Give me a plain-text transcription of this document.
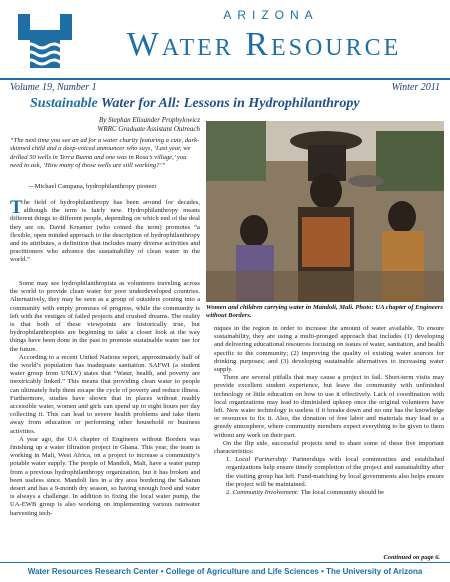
ARIZONA
Water Resource
Volume 19, Number 1	Winter 2011
Sustainable Water for All: Lessons in Hydrophilanthropy
By Stephan Elixander Prophylowicz
WRRC Graduate Assistant Outreach
“The next time you see an ad for a water charity featuring a cute, dark-skinned child and a deep-voiced announcer who says, ‘Last year, we drilled 50 wells in Terra Buena and one was in Rosa’s village,’ you need to ask, ‘How many of those wells are still working?’”
—Michael Campana, hydrophilanthropy pioneer
Women and children carrying water in Mandoli, Mali. Photo: UA chapter of Engineers without Borders.

The field of hydrophilanthropy has been around for decades, although the term is fairly new. Hydrophilanthropy means different things to different people, depending on which end of the deal they are on. David Kreamer (who coined the term) promotes “a flexible, open minded approach to the description of hydrophilanthropy and its attributes, a definition that includes many diverse activities and practitioners who advance the sustainability of clean water in the world.”

Some may see hydrophilanthropists as volunteers traveling across the world to provide clean water for poor underdeveloped countries. Alternatively, they may be seen as a group of outsiders coming into a community with empty promises of progress, while the community is left with the vestiges of failed projects and crushed dreams. The reality is that both of these viewpoints are historically true, but hydrophilanthropists are beginning to take a closer look at the way things have been done in the past to promote sustainable water use for the future.

According to a recent United Nations report, approximately half of the world’s population has inadequate sanitation. SAFWI (a student water group from UNLV) states that “Water, health, and poverty are inextricably linked.” This means that providing clean water to people can ultimately help them escape the cycle of poverty and reduce illness. Furthermore, studies have shown that in places without readily accessible water, women and girls can spend up to eight hours per day collecting it. This can lead to severe health problems and take them away from education or performing other household or business activities.

A year ago, the UA chapter of Engineers without Borders was finishing up a water filtration project in Ghana. This year, the team is working in Mali, West Africa, on a project to increase a community’s potable water supply. The people of Mandoli, Mali, have a water pump from a previous hydrophilanthropy organization, but it has broken and been useless since. Mandoli lies in a dry area bordering the Saharan desert and has a 9-month dry season, so having enough food and water is always a challenge. In addition to fixing the local water pump, the UA-EWB group is also working on implementing various rainwater harvesting tech-

niques in the region in order to increase the amount of water available. To ensure sustainability, they are using a multi-pronged approach that includes (1) developing and delivering educational resources focusing on issues of water, sanitation, and health specific to the community; (2) improving the quality of existing water sources for drinking purposes; and (3) developing sustainable alternatives to increasing water supply.

There are several pitfalls that may cause a project to fail. Short-term visits may provide excellent student experience, but leave the community with unfinished technology or little education on how to use it effectively. Lack of coordination with local organizations may lead to diminished upkeep once the original volunteers have left. New water technology is useless if it breaks down and no one has the knowledge or resources to fix it. Also, the donation of free labor and materials may lead to a greedy atmosphere, where community members expect everything to be given to them without any work on their part.

On the flip side, successful projects tend to share some of these five important characteristics:

1. Local Partnership: Partnerships with local communities and established organizations help ensure timely completion of the project and sustainability after the visiting group has left. Fund-matching by local governments also helps ensure the project will be maintained.
2. Community Involvement: The local community should be
Continued on page 6.
Water Resources Research Center • College of Agriculture and Life Sciences • The University of Arizona
